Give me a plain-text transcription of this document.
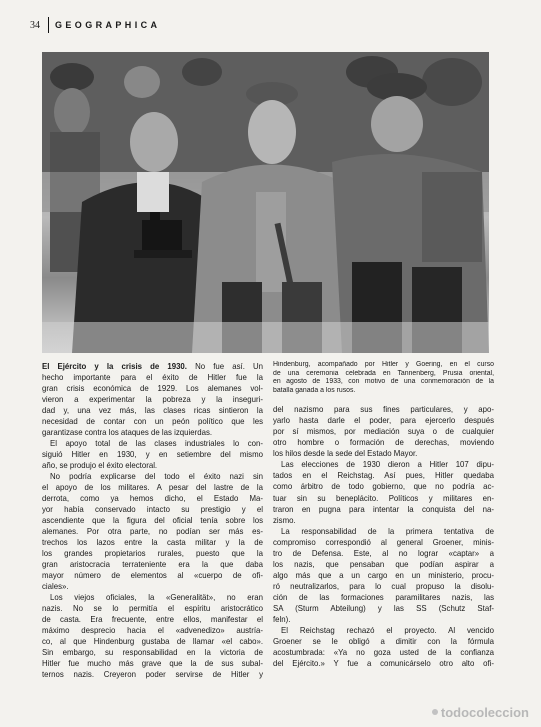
34	GEOGRAPHICA

El Ejército y la crisis de 1930. No fue así. Un

hecho importante para el éxito de Hitler fue la

gran crisis económica de 1929. Los alemanes vol-

vieron a experimentar la pobreza y la inseguri-

dad y, una vez más, las clases ricas sintieron la

necesidad de contar con un peón político que les

garantizase contra los ataques de las izquierdas.

El apoyo total de las clases industriales lo con-

siguió Hitler en 1930, y en setiembre del mismo

año, se produjo el éxito electoral.

No podría explicarse del todo el éxito nazi sin

el apoyo de los militares. A pesar del lastre de la

derrota, como ya hemos dicho, el Estado Ma-

yor había conservado intacto su prestigio y el

ascendiente que la figura del oficial tenía sobre los

alemanes. Por otra parte, no podían ser más es-

trechos los lazos entre la casta militar y la de

los grandes propietarios rurales, puesto que la

gran aristocracia terrateniente era la que daba

mayor número de elementos al «cuerpo de ofi-

ciales».

Los viejos oficiales, la «Generalität», no eran

nazis. No se lo permitía el espíritu aristocrático

de casta. Era frecuente, entre ellos, manifestar el

máximo desprecio hacia el «advenedizo» austría-

co, al que Hindenburg gustaba de llamar «el cabo».

Sin embargo, su responsabilidad en la victoria de

Hitler fue mucho más grave que la de sus subal-

ternos nazis. Creyeron poder servirse de Hitler y

Hindenburg, acompañado por Hitler y Goering, en el curso

de una ceremonia celebrada en Tannenberg, Prusia oriental,

en agosto de 1933, con motivo de una conmemoración de la

batalla ganada a los rusos.

del nazismo para sus fines particulares, y apo-

yarlo hasta darle el poder, para ejercerlo después

por sí mismos, por mediación suya o de cualquier

otro hombre o formación de derechas, moviendo

los hilos desde la sede del Estado Mayor.

Las elecciones de 1930 dieron a Hitler 107 dipu-

tados en el Reichstag. Así pues, Hitler quedaba

como árbitro de todo gobierno, que no podría ac-

tuar sin su beneplácito. Políticos y militares en-

traron en pugna para intentar la conquista del na-

zismo.

La responsabilidad de la primera tentativa de

compromiso correspondió al general Groener, minis-

tro de Defensa. Este, al no lograr «captar» a

los nazis, que pensaban que podían aspirar a

algo más que a un cargo en un ministerio, procu-

ró neutralizarlos, para lo cual propuso la disolu-

ción de las formaciones paramilitares nazis, las

SA (Sturm Abteilung) y las SS (Schutz Staf-

feln).

El Reichstag rechazó el proyecto. Al vencido

Groener se le obligó a dimitir con la fórmula

acostumbrada: «Ya no goza usted de la confianza

del Ejército.» Y fue a comunicárselo otro alto ofi-

todocoleccion
